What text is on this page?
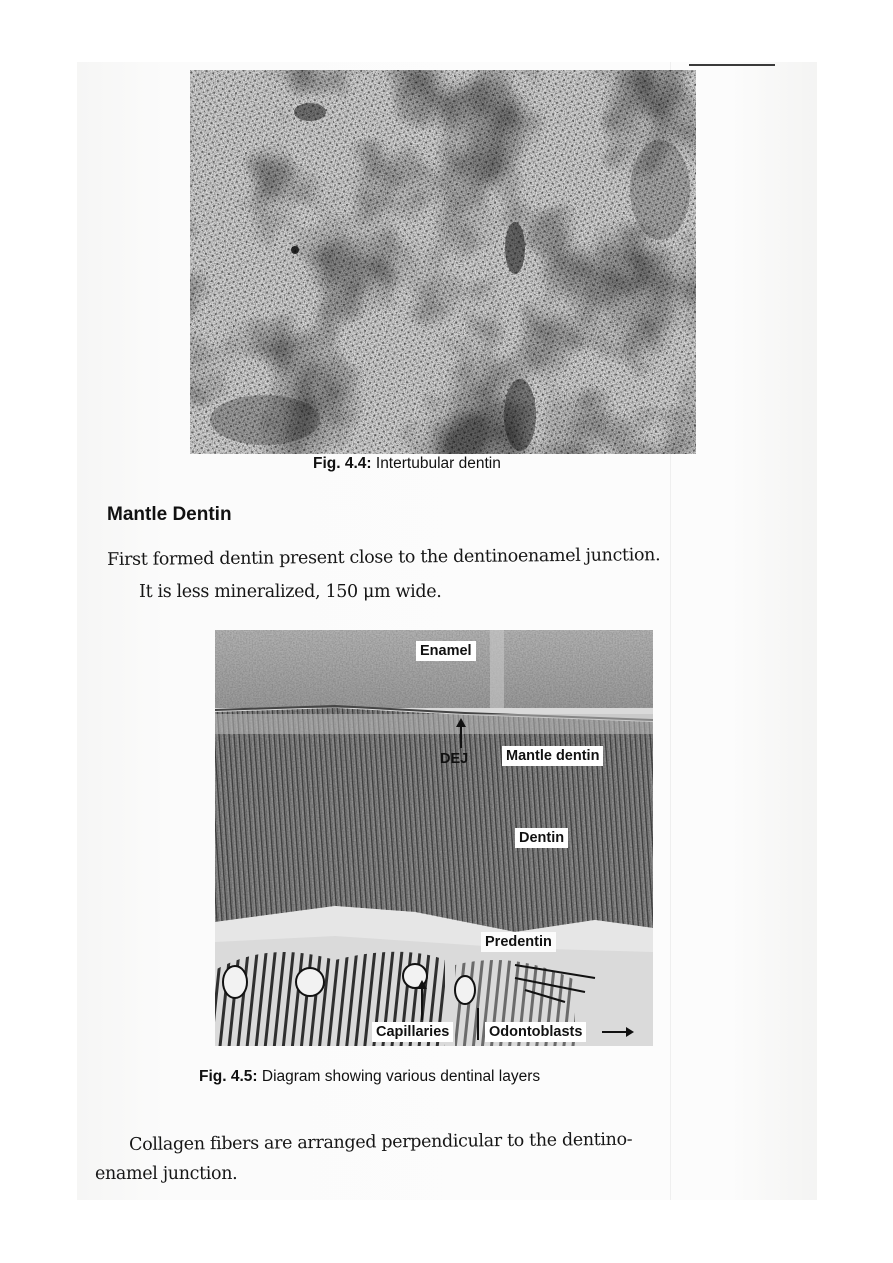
Fig. 4.4: Intertubular dentin
Mantle Dentin
First formed dentin present close to the dentinoenamel junction.
It is less mineralized, 150 μm wide.
Enamel
DEJ	Mantle dentin
Dentin
Predentin
Capillaries	Odontoblasts
Fig. 4.5: Diagram showing various dentinal layers
Collagen fibers are arranged perpendicular to the dentino-
enamel junction.
